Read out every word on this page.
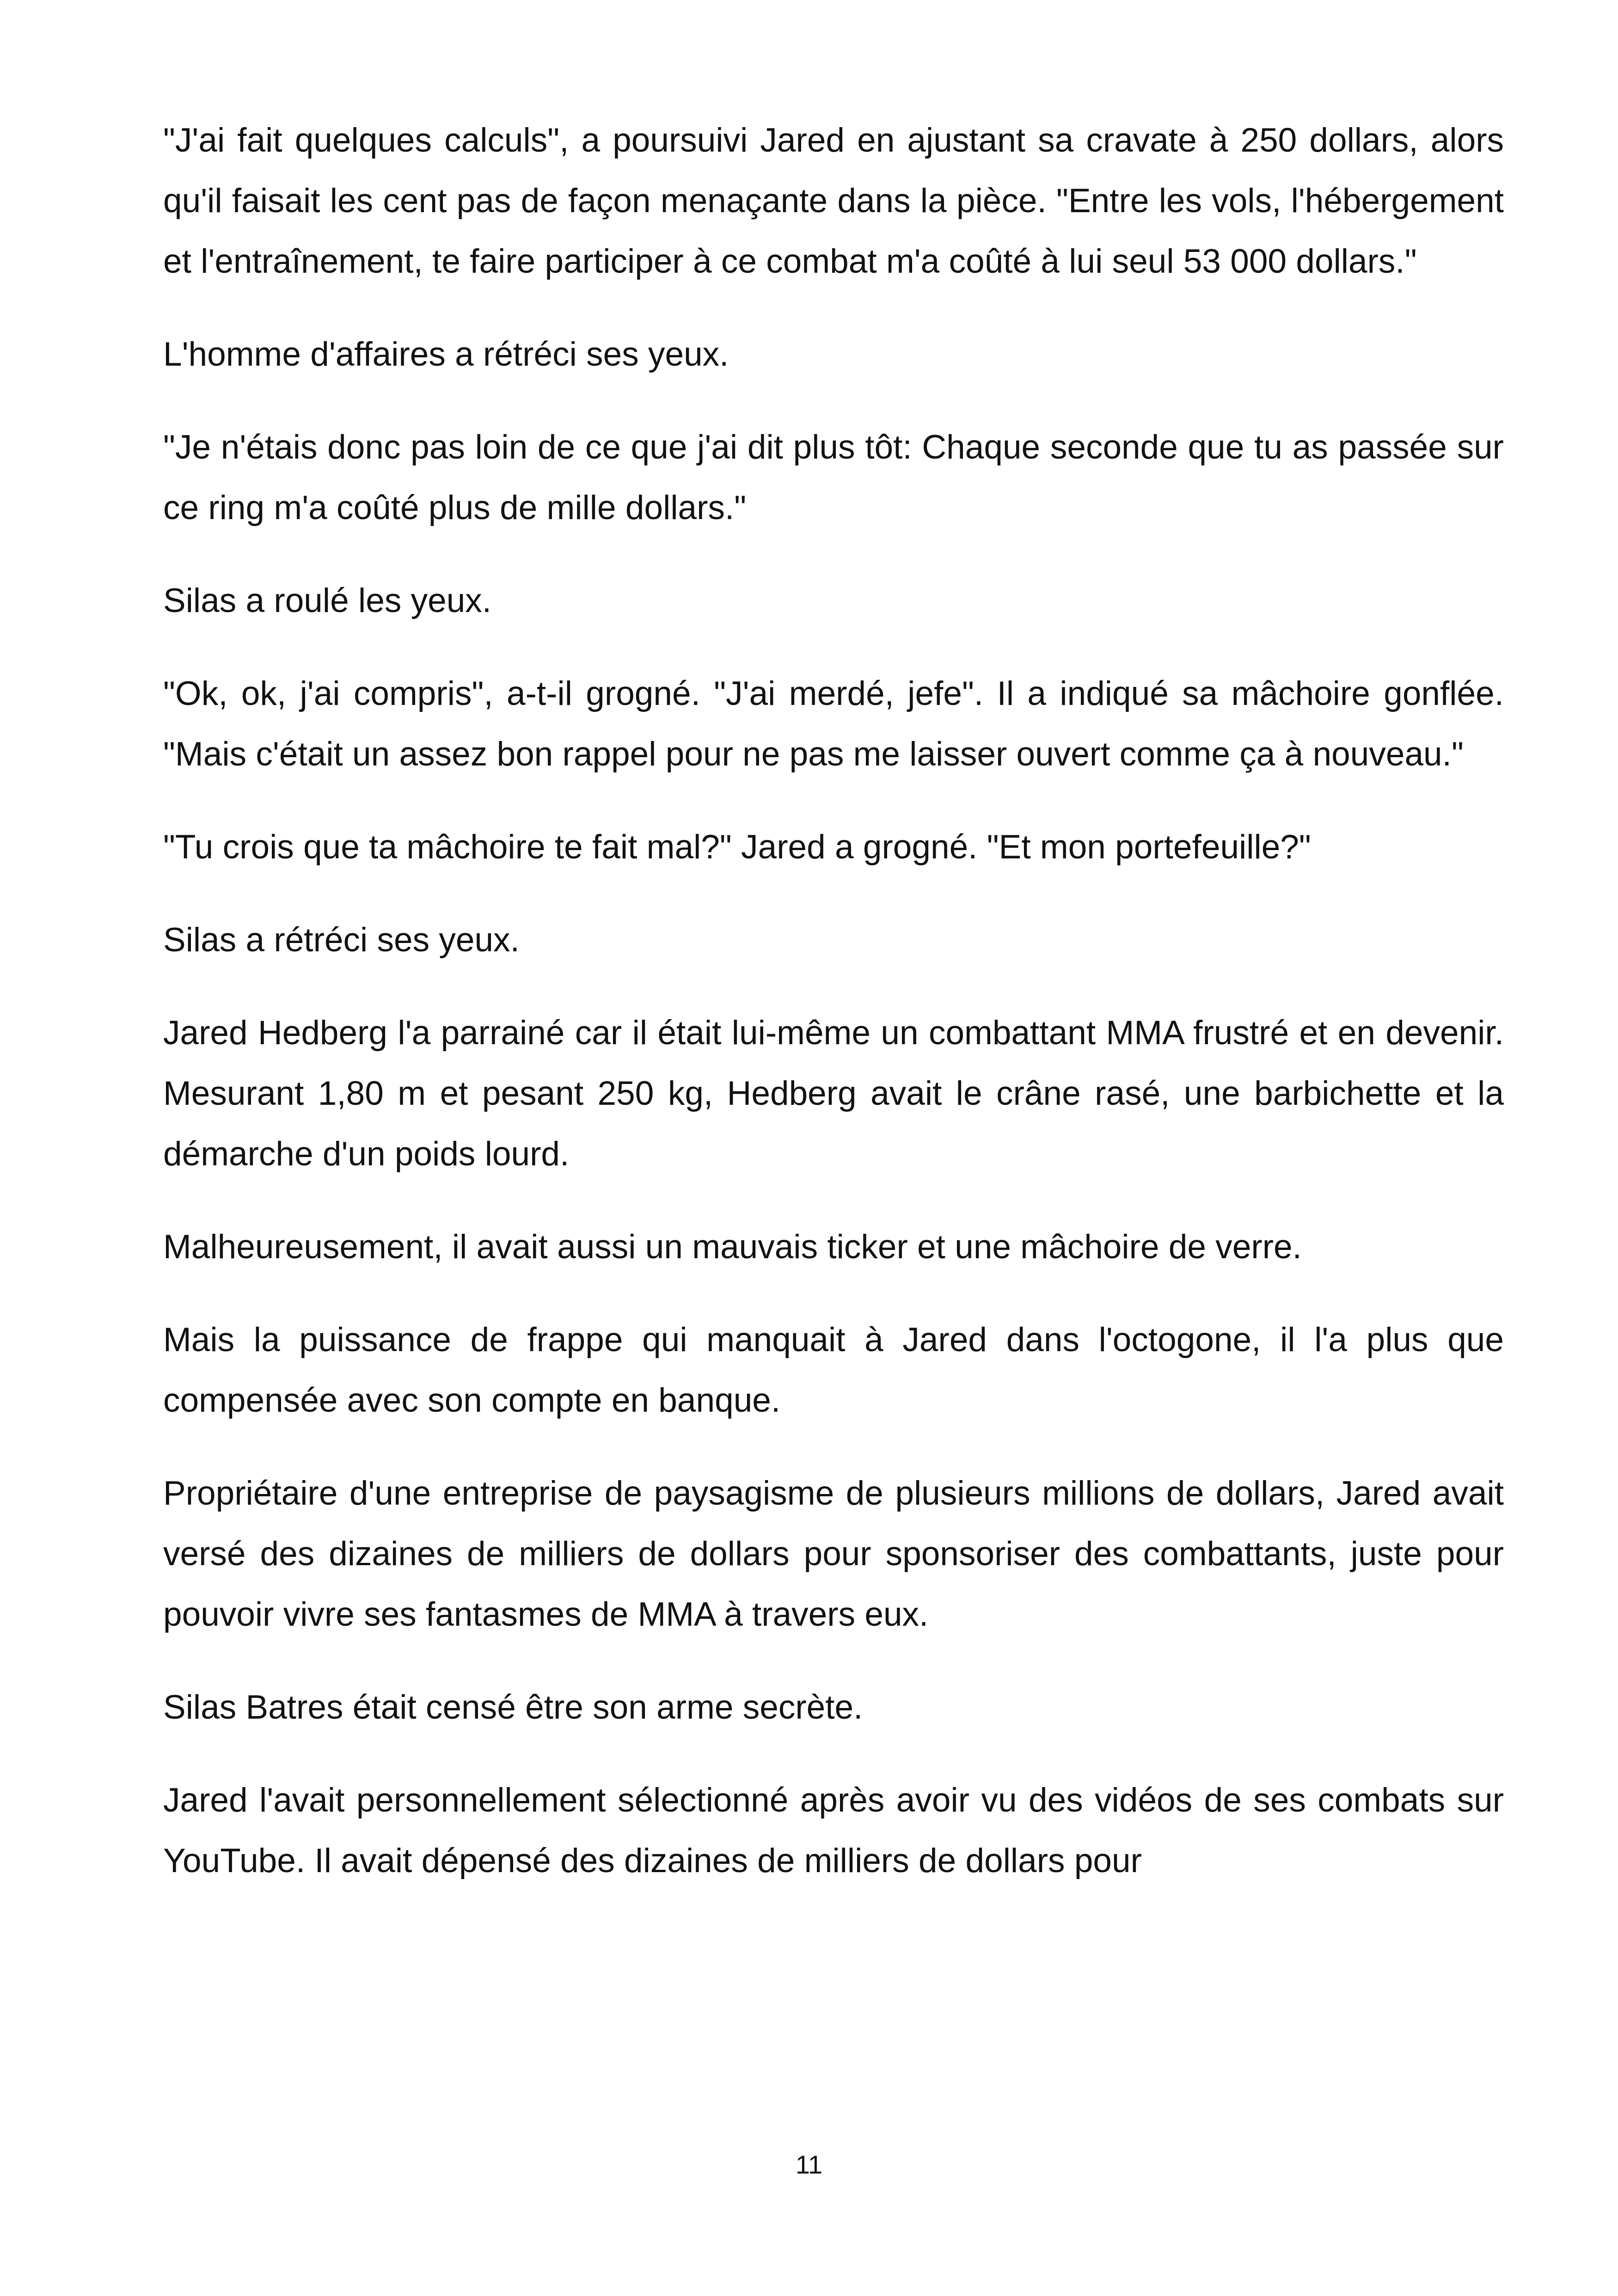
"J'ai fait quelques calculs", a poursuivi Jared en ajustant sa cravate à 250 dollars, alors qu'il faisait les cent pas de façon menaçante dans la pièce. "Entre les vols, l'hébergement et l'entraînement, te faire participer à ce combat m'a coûté à lui seul 53 000 dollars."

L'homme d'affaires a rétréci ses yeux.

"Je n'étais donc pas loin de ce que j'ai dit plus tôt: Chaque seconde que tu as passée sur ce ring m'a coûté plus de mille dollars."

Silas a roulé les yeux.

"Ok, ok, j'ai compris", a-t-il grogné. "J'ai merdé, jefe". Il a indiqué sa mâchoire gonflée. "Mais c'était un assez bon rappel pour ne pas me laisser ouvert comme ça à nouveau."

"Tu crois que ta mâchoire te fait mal?" Jared a grogné. "Et mon portefeuille?"

Silas a rétréci ses yeux.

Jared Hedberg l'a parrainé car il était lui-même un combattant MMA frustré et en devenir. Mesurant 1,80 m et pesant 250 kg, Hedberg avait le crâne rasé, une barbichette et la démarche d'un poids lourd.

Malheureusement, il avait aussi un mauvais ticker et une mâchoire de verre.

Mais la puissance de frappe qui manquait à Jared dans l'octogone, il l'a plus que compensée avec son compte en banque.

Propriétaire d'une entreprise de paysagisme de plusieurs millions de dollars, Jared avait versé des dizaines de milliers de dollars pour sponsoriser des combattants, juste pour pouvoir vivre ses fantasmes de MMA à travers eux.

Silas Batres était censé être son arme secrète.

Jared l'avait personnellement sélectionné après avoir vu des vidéos de ses combats sur YouTube. Il avait dépensé des dizaines de milliers de dollars pour

11
